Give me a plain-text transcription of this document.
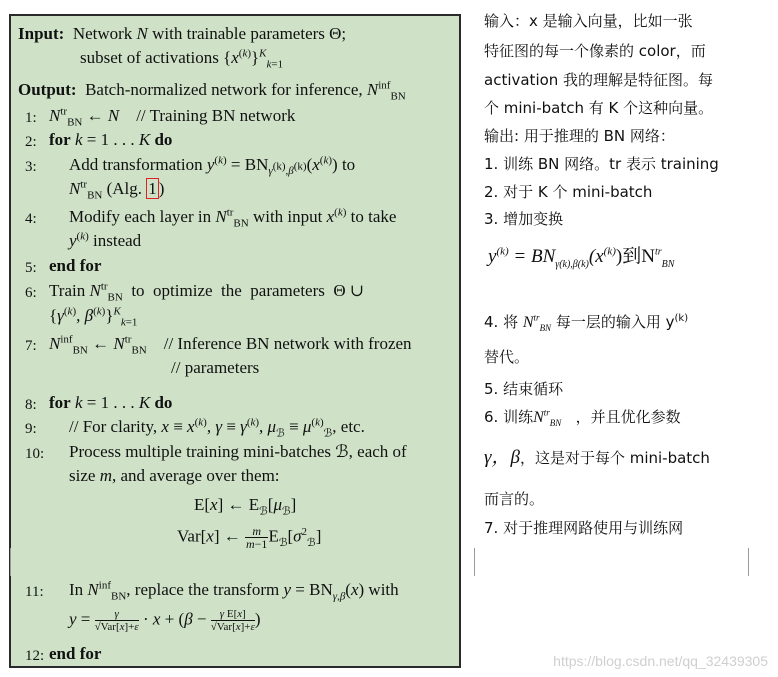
Input:  Network N with trainable parameters Θ;
subset of activations $\{x^{(k)}\}^K_{k=1}$
Output:  Batch-normalized network for inference, $N^{inf}_{BN}$
1: $N^{tr}_{BN}$ ← N    // Training BN network
2: for k = 1 . . . K do
3: Add transformation $y^{(k)} = BN_{\gamma^{(k)},\beta^{(k)}}(x^{(k)})$ to
$N^{tr}_{BN}$ (Alg. 1 )
4: Modify each layer in $N^{tr}_{BN}$ with input $x^{(k)}$ to take
$y^{(k)}$ instead
5: end for
6: Train $N^{tr}_{BN}$  to  optimize  the  parameters  Θ ∪
{$\gamma^{(k)}$, $\beta^{(k)}\}^K_{k=1}$
7: $N^{inf}_{BN}$ ← $N^{tr}_{BN}$    // Inference BN network with frozen
// parameters
8: for k = 1 . . . K do
9: // For clarity, $x \equiv x^{(k)}$, $\gamma \equiv \gamma^{(k)}$, $\mu_ℬ \equiv \mu^{(k)}_ℬ$, etc.
10: Process multiple training mini-batches ℬ, each of
size m, and average over them:
E[x] ← $E_ℬ[\mu_ℬ]$
Var[x] ← $\frac{m}{m-1}E_ℬ[\sigma^2_ℬ]$
11: In $N^{inf}_{BN}$, replace the transform $y = BN_{\gamma,\beta}(x)$ with
y = γ
√Var[x]+ε · x + (β − γ E[x]
√Var[x]+ε)
12: end for
输入：x 是输入向量，比如一张
特征图的每一个像素的 color，而
activation 我的理解是特征图。每
个 mini-batch 有 K 个这种向量。
输出: 用于推理的 BN 网络：
1. 训练 BN 网络。tr 表示 training
2. 对于 K 个 mini-batch
3. 增加变换
$y^{(k)} = BN_{\gamma(k),\beta(k)}(x^{(k)})$到$N^{tr}_{BN}$
4. 将 $N^{tr}_{BN}$ 每一层的输入用 $y^{(k)}$
替代。
5. 结束循环
6. 训练$N^{tr}_{BN}$ ，并且优化参数
γ，β，这是对于每个 mini-batch
而言的。
7. 对于推理网路使用与训练网
https://blog.csdn.net/qq_32439305
